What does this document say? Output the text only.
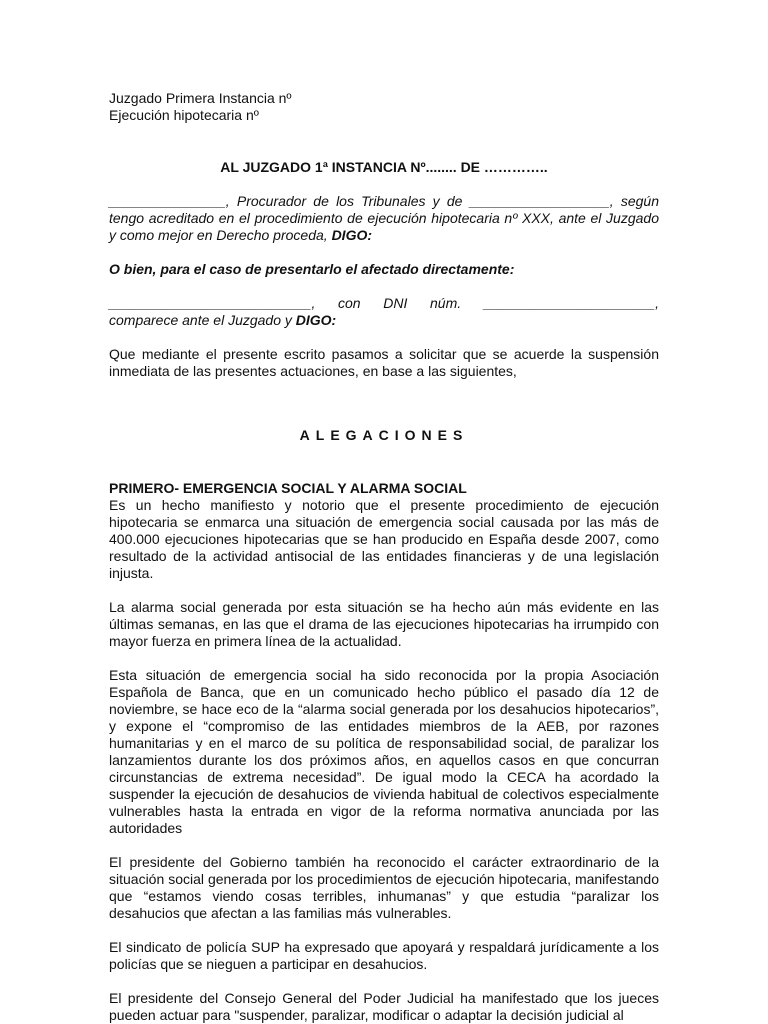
Juzgado Primera Instancia nº

Ejecución hipotecaria nº

AL JUZGADO 1ª INSTANCIA Nº........ DE …………..

_______________, Procurador de los Tribunales y de __________________, según tengo acreditado en el procedimiento de ejecución hipotecaria nº XXX, ante el Juzgado y como mejor en Derecho proceda, DIGO:

O bien, para el caso de presentarlo el afectado directamente:

__________________________, con DNI núm. ______________________,

comparece ante el Juzgado y DIGO:

Que mediante el presente escrito pasamos a solicitar que se acuerde la suspensión inmediata de las presentes actuaciones, en base a las siguientes,

ALEGACIONES

PRIMERO- EMERGENCIA SOCIAL Y ALARMA SOCIAL

Es un hecho manifiesto y notorio que el presente procedimiento de ejecución hipotecaria se enmarca una situación de emergencia social causada por las más de 400.000 ejecuciones hipotecarias que se han producido en España desde 2007, como resultado de la actividad antisocial de las entidades financieras y de una legislación injusta.

La alarma social generada por esta situación se ha hecho aún más evidente en las últimas semanas, en las que el drama de las ejecuciones hipotecarias ha irrumpido con mayor fuerza en primera línea de la actualidad.

Esta situación de emergencia social ha sido reconocida por la propia Asociación Española de Banca, que en un comunicado hecho público el pasado día 12 de noviembre, se hace eco de la “alarma social generada por los desahucios hipotecarios”, y expone el “compromiso de las entidades miembros de la AEB, por razones humanitarias y en el marco de su política de responsabilidad social, de paralizar los lanzamientos durante los dos próximos años, en aquellos casos en que concurran circunstancias de extrema necesidad”. De igual modo la CECA ha acordado la suspender la ejecución de desahucios de vivienda habitual de colectivos especialmente vulnerables hasta la entrada en vigor de la reforma normativa anunciada por las autoridades

El presidente del Gobierno también ha reconocido el carácter extraordinario de la situación social generada por los procedimientos de ejecución hipotecaria, manifestando que “estamos viendo cosas terribles, inhumanas” y que estudia “paralizar los desahucios que afectan a las familias más vulnerables.

El sindicato de policía SUP ha expresado que apoyará y respaldará jurídicamente a los policías que se nieguen a participar en desahucios.

El presidente del Consejo General del Poder Judicial ha manifestado que los jueces pueden actuar para "suspender, paralizar, modificar o adaptar la decisión judicial al
